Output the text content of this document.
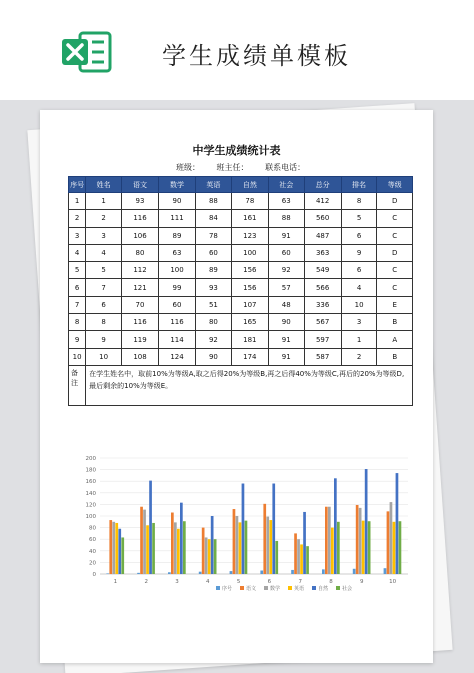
学生成绩单模板
中学生成绩统计表
班级： 班主任： 联系电话：
序号	姓名	语文	数学	英语	自然	社会	总分	排名	等级
1	1	93	90	88	78	63	412	8	D
2	2	116	111	84	161	88	560	5	C
3	3	106	89	78	123	91	487	6	C
4	4	80	63	60	100	60	363	9	D
5	5	112	100	89	156	92	549	6	C
6	7	121	99	93	156	57	566	4	C
7	6	70	60	51	107	48	336	10	E
8	8	116	116	80	165	90	567	3	B
9	9	119	114	92	181	91	597	1	A
10	10	108	124	90	174	91	587	2	B
备注	在学生姓名中，取前10%为等级A,取之后得20%为等级B,再之后得40%为等级C,再后的20%为等级D,最后剩余的10%为等级E。								
0
20
40
60
80
100
120
140
160
180
200
1	2	3	4	5	6	7	8	9	10
序号	语文	数学	英语	自然	社会
